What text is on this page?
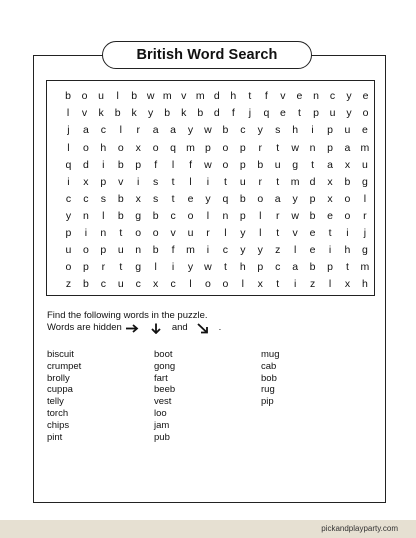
British Word Search
b o u	l	b w m v m d h	t	f	v e n c	y e
l	v	k b k	y b k b d	f	j	q e	t	p u y o
j	a	c	l	r	a	a	y	w b	c	y	s	h	i	p	u	e
l	o	h	o	x	o	q m p	o	p	r	t	w n	p	a m
q	d	i	b	p	f	l	f	w o	p	b	u	g	t	a	x	u
i	x	p	v	i	s	t	l	i	t	u	r	t	m d	x	b	g
c	c	s	b	x	s	t	e	y	q	b	o	a	y	p	x	o	l
y	n	l	b	g	b	c	o	l	n	p	l	r	w b	e	o	r
p	i	n	t	o	o	v	u	r	l	y	l	t	v	e	t	i	j
u	o	p	u	n	b	f	m	i	c	y	y	z	l	e	i	h	g
o	p	r	t	g	l	i	y	w	t	h	p	c	a	b	p	t	m
z	b	c	u	c	x	c	l	o	o	l	x	t	i	z	l	x	h
Find the following words in the puzzle.
Words are hidden	and	.
biscuit
crumpet
brolly
cuppa
telly
torch
chips
pint
boot
gong
fart
beeb
vest
loo
jam
pub
mug
cab
bob
rug
pip
pickandplayparty.com
